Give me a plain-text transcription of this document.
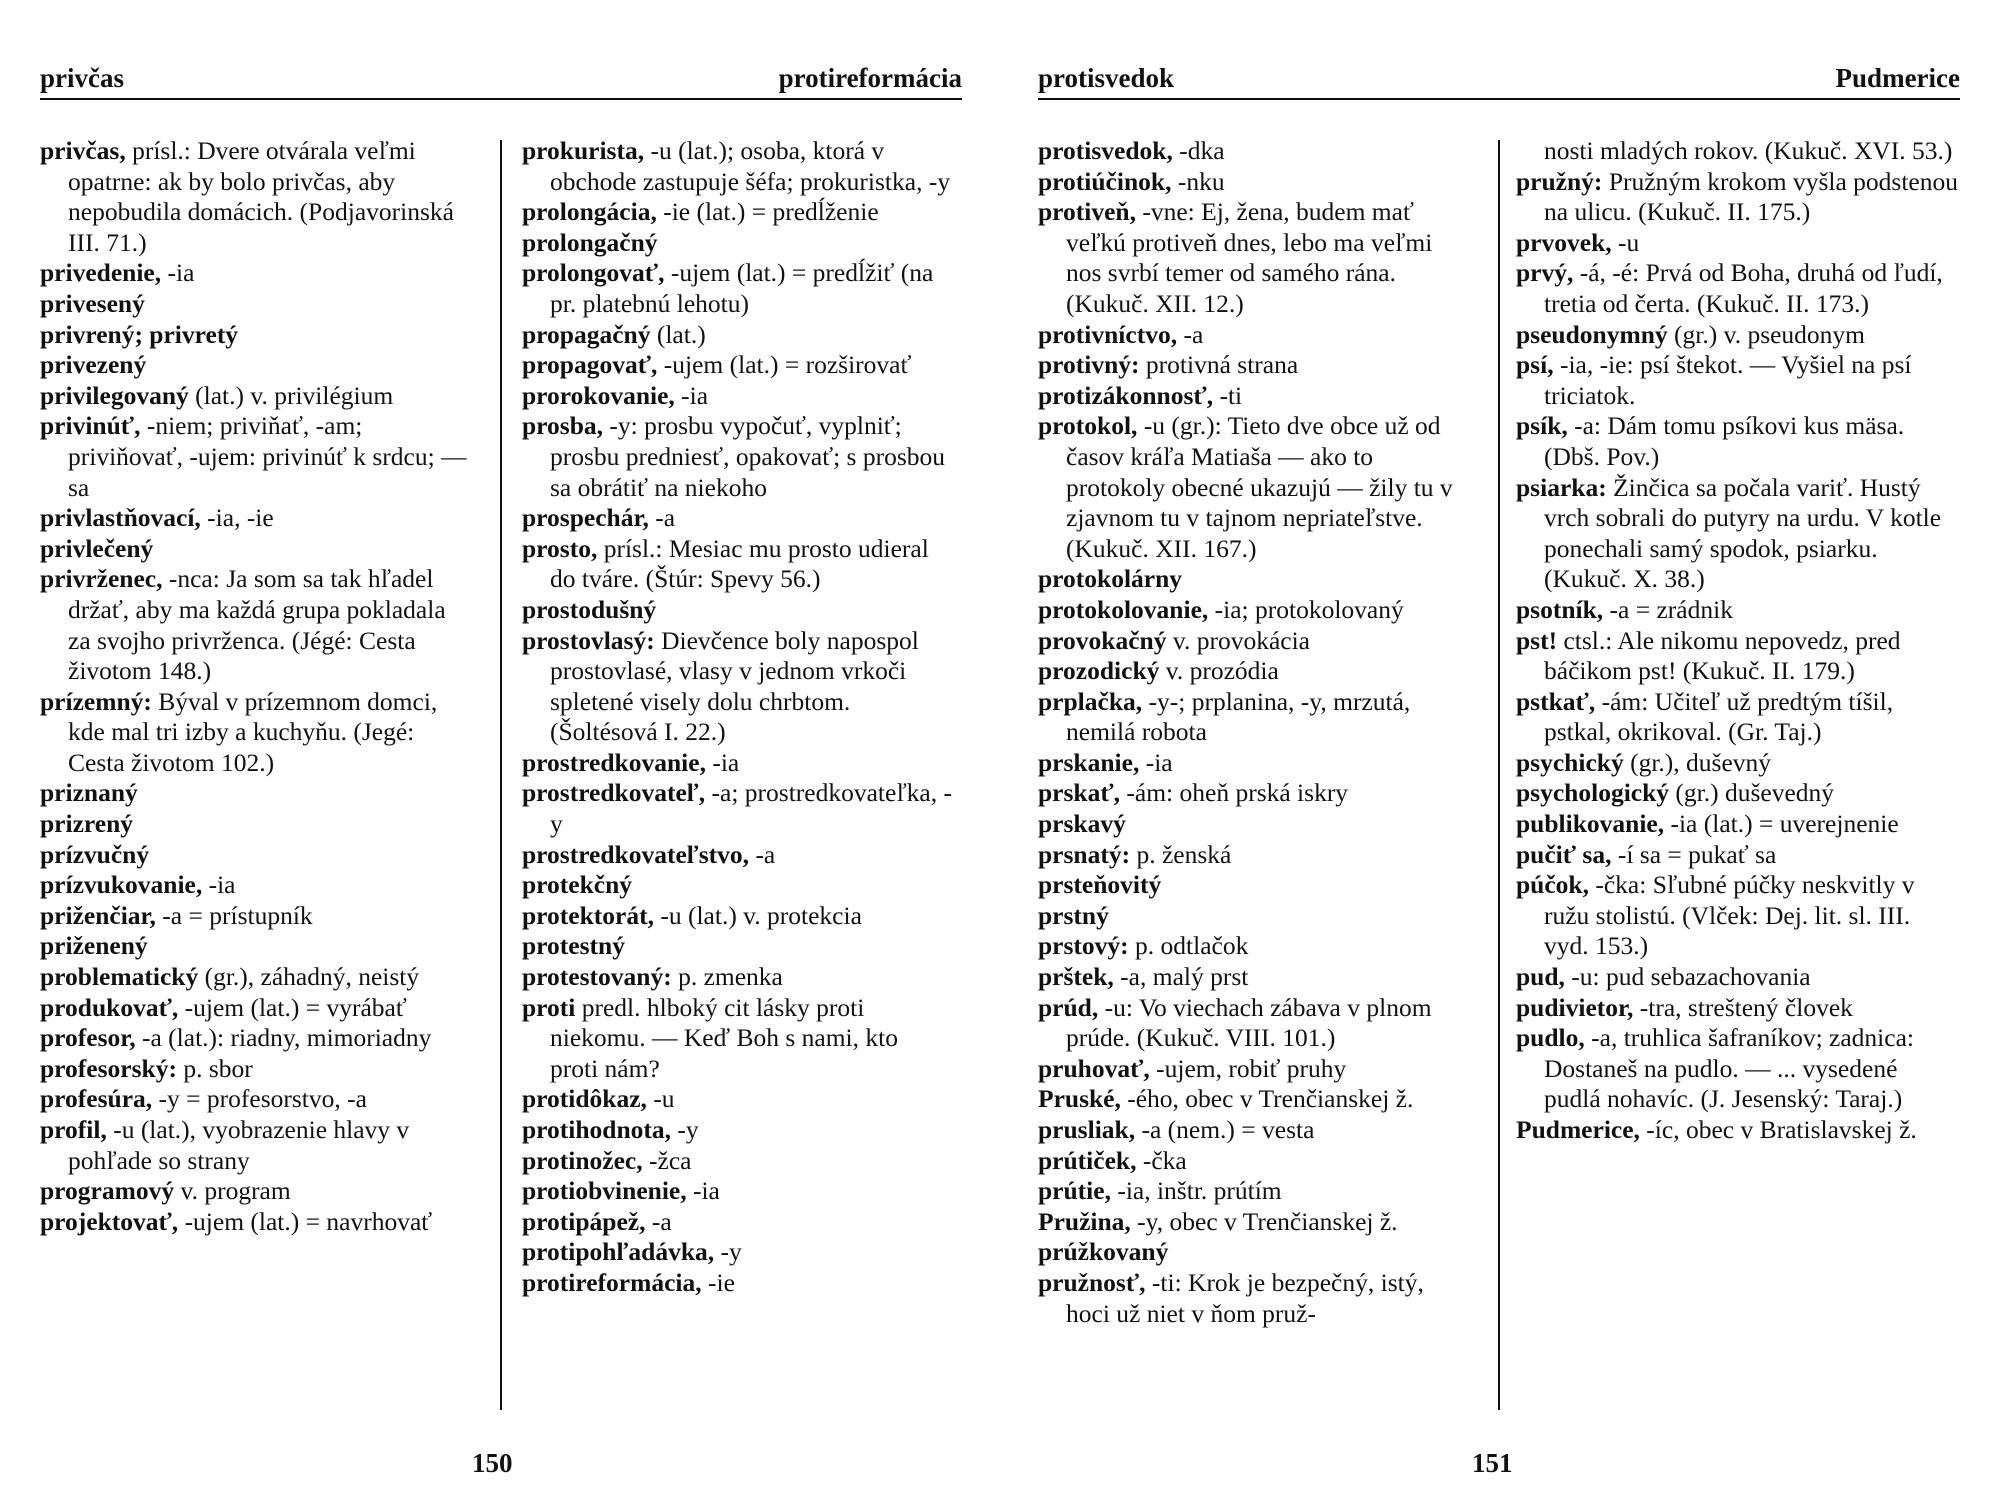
privčas	protireformácia

privčas, prísl.: Dvere otvárala veľmi opatrne: ak by bolo privčas, aby nepobudila domácich. (Podjavorinská III. 71.)

privedenie, -ia

privesený

privrený; privretý

privezený

privilegovaný (lat.) v. privilégium

privinúť, -niem; priviňať, -am; priviňovať, -ujem: privinúť k srdcu; — sa

privlastňovací, -ia, -ie

privlečený

privrženec, -nca: Ja som sa tak hľadel držať, aby ma každá grupa pokladala za svojho privrženca. (Jégé: Cesta životom 148.)

prízemný: Býval v prízemnom domci, kde mal tri izby a kuchyňu. (Jegé: Cesta životom 102.)

priznaný

prizrený

prízvučný

prízvukovanie, -ia

priženčiar, -a = prístupník

priženený

problematický (gr.), záhadný, neistý

produkovať, -ujem (lat.) = vyrábať

profesor, -a (lat.): riadny, mimoriadny

profesorský: p. sbor

profesúra, -y = profesorstvo, -a

profil, -u (lat.), vyobrazenie hlavy v pohľade so strany

programový v. program

projektovať, -ujem (lat.) = navrhovať

prokurista, -u (lat.); osoba, ktorá v obchode zastupuje šéfa; prokuristka, -y

prolongácia, -ie (lat.) = predĺženie

prolongačný

prolongovať, -ujem (lat.) = predĺžiť (na pr. platebnú lehotu)

propagačný (lat.)

propagovať, -ujem (lat.) = rozširovať

prorokovanie, -ia

prosba, -y: prosbu vypočuť, vyplniť; prosbu predniesť, opakovať; s prosbou sa obrátiť na niekoho

prospechár, -a

prosto, prísl.: Mesiac mu prosto udieral do tváre. (Štúr: Spevy 56.)

prostodušný

prostovlasý: Dievčence boly napospol prostovlasé, vlasy v jednom vrkoči spletené visely dolu chrbtom. (Šoltésová I. 22.)

prostredkovanie, -ia

prostredkovateľ, -a; prostredkovateľka, -y

prostredkovateľstvo, -a

protekčný

protektorát, -u (lat.) v. protekcia

protestný

protestovaný: p. zmenka

proti predl. hlboký cit lásky proti niekomu. — Keď Boh s nami, kto proti nám?

protidôkaz, -u

protihodnota, -y

protinožec, -žca

protiobvinenie, -ia

protipápež, -a

protipohľadávka, -y

protireformácia, -ie

150
protisvedok	Pudmerice

protisvedok, -dka

protiúčinok, -nku

protiveň, -vne: Ej, žena, budem mať veľkú protiveň dnes, lebo ma veľmi nos svrbí temer od samého rána. (Kukuč. XII. 12.)

protivníctvo, -a

protivný: protivná strana

protizákonnosť, -ti

protokol, -u (gr.): Tieto dve obce už od časov kráľa Matiaša — ako to protokoly obecné ukazujú — žily tu v zjavnom tu v tajnom nepriateľstve. (Kukuč. XII. 167.)

protokolárny

protokolovanie, -ia; protokolovaný

provokačný v. provokácia

prozodický v. prozódia

prplačka, -y-; prplanina, -y, mrzutá, nemilá robota

prskanie, -ia

prskať, -ám: oheň prská iskry

prskavý

prsnatý: p. ženská

prsteňovitý

prstný

prstový: p. odtlačok

prštek, -a, malý prst

prúd, -u: Vo viechach zábava v plnom prúde. (Kukuč. VIII. 101.)

pruhovať, -ujem, robiť pruhy

Pruské, -ého, obec v Trenčianskej ž.

prusliak, -a (nem.) = vesta

prútiček, -čka

prútie, -ia, inštr. prútím

Pružina, -y, obec v Trenčianskej ž.

prúžkovaný

pružnosť, -ti: Krok je bezpečný, istý, hoci už niet v ňom pruž-

nosti mladých rokov. (Kukuč. XVI. 53.)

pružný: Pružným krokom vyšla podstenou na ulicu. (Kukuč. II. 175.)

prvovek, -u

prvý, -á, -é: Prvá od Boha, druhá od ľudí, tretia od čerta. (Kukuč. II. 173.)

pseudonymný (gr.) v. pseudonym

psí, -ia, -ie: psí štekot. — Vyšiel na psí triciatok.

psík, -a: Dám tomu psíkovi kus mäsa. (Dbš. Pov.)

psiarka: Žinčica sa počala variť. Hustý vrch sobrali do putyry na urdu. V kotle ponechali samý spodok, psiarku. (Kukuč. X. 38.)

psotník, -a = zrádnik

pst! ctsl.: Ale nikomu nepovedz, pred báčikom pst! (Kukuč. II. 179.)

pstkať, -ám: Učiteľ už predtým tíšil, pstkal, okrikoval. (Gr. Taj.)

psychický (gr.), duševný

psychologický (gr.) duševedný

publikovanie, -ia (lat.) = uverejnenie

pučiť sa, -í sa = pukať sa

púčok, -čka: Sľubné púčky neskvitly v ružu stolistú. (Vlček: Dej. lit. sl. III. vyd. 153.)

pud, -u: pud sebazachovania

pudivietor, -tra, streštený človek

pudlo, -a, truhlica šafraníkov; zadnica: Dostaneš na pudlo. — ... vysedené pudlá nohavíc. (J. Jesenský: Taraj.)

Pudmerice, -íc, obec v Bratislavskej ž.

151
